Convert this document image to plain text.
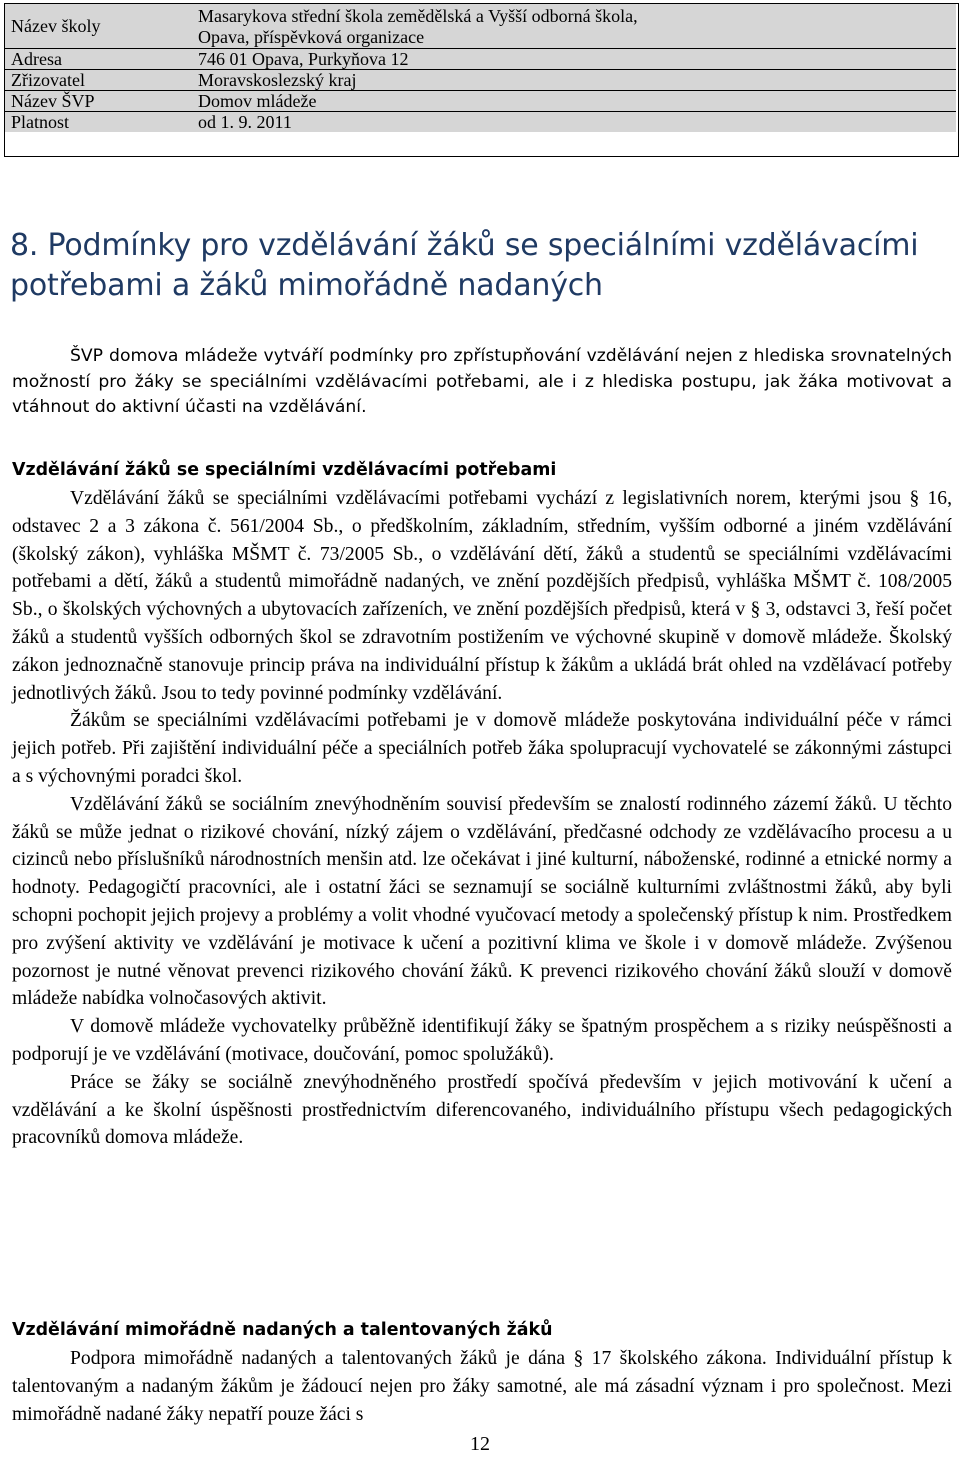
Název školy	Masarykova střední škola zemědělská a Vyšší odborná škola,
Opava, příspěvková organizace

Adresa	746 01 Opava, Purkyňova 12
Zřizovatel	Moravskoslezský kraj
Název ŠVP	Domov mládeže
Platnost	od 1. 9. 2011
8. Podmínky pro vzdělávání žáků se speciálními vzdělávacími potřebami a žáků mimořádně nadaných

ŠVP domova mládeže vytváří podmínky pro zpřístupňování vzdělávání nejen z hlediska srovnatelných možností pro žáky se speciálními vzdělávacími potřebami, ale i z hlediska postupu, jak žáka motivovat a vtáhnout do aktivní účasti na vzdělávání.

Vzdělávání žáků se speciálními vzdělávacími potřebami

Vzdělávání žáků se speciálními vzdělávacími potřebami vychází z legislativních norem, kterými jsou § 16, odstavec 2 a 3 zákona č. 561/2004 Sb., o předškolním, základním, středním, vyšším odborné a jiném vzdělávání (školský zákon), vyhláška MŠMT č. 73/2005 Sb., o vzdělávání dětí, žáků a studentů se speciálními vzdělávacími potřebami a dětí, žáků a studentů mimořádně nadaných, ve znění pozdějších předpisů, vyhláška MŠMT č. 108/2005 Sb., o školských výchovných a ubytovacích zařízeních, ve znění pozdějších předpisů, která v § 3, odstavci 3, řeší počet žáků a studentů vyšších odborných škol se zdravotním postižením ve výchovné skupině v domově mládeže. Školský zákon jednoznačně stanovuje princip práva na individuální přístup k žákům a ukládá brát ohled na vzdělávací potřeby jednotlivých žáků. Jsou to tedy povinné podmínky vzdělávání.

Žákům se speciálními vzdělávacími potřebami je v domově mládeže poskytována individuální péče v rámci jejich potřeb. Při zajištění individuální péče a speciálních potřeb žáka spolupracují vychovatelé se zákonnými zástupci a s výchovnými poradci škol.

Vzdělávání žáků se sociálním znevýhodněním souvisí především se znalostí rodinného zázemí žáků. U těchto žáků se může jednat o rizikové chování, nízký zájem o vzdělávání, předčasné odchody ze vzdělávacího procesu a u cizinců nebo příslušníků národnostních menšin atd. lze očekávat i jiné kulturní, náboženské, rodinné a etnické normy a hodnoty. Pedagogičtí pracovníci, ale i ostatní žáci se seznamují se sociálně kulturními zvláštnostmi žáků, aby byli schopni pochopit jejich projevy a problémy a volit vhodné vyučovací metody a společenský přístup k nim. Prostředkem pro zvýšení aktivity ve vzdělávání je motivace k učení a pozitivní klima ve škole i v domově mládeže. Zvýšenou pozornost je nutné věnovat prevenci rizikového chování žáků. K prevenci rizikového chování žáků slouží v domově mládeže nabídka volnočasových aktivit.

V domově mládeže vychovatelky průběžně identifikují žáky se špatným prospěchem a s riziky neúspěšnosti a podporují je ve vzdělávání (motivace, doučování, pomoc spolužáků).

Práce se žáky se sociálně znevýhodněného prostředí spočívá především v jejich motivování k učení a vzdělávání a ke školní úspěšnosti prostřednictvím diferencovaného, individuálního přístupu všech pedagogických pracovníků domova mládeže.

Vzdělávání mimořádně nadaných a talentovaných žáků

Podpora mimořádně nadaných a talentovaných žáků je dána § 17 školského zákona. Individuální přístup k talentovaným a nadaným žákům je žádoucí nejen pro žáky samotné, ale má zásadní význam i pro společnost. Mezi mimořádně nadané žáky nepatří pouze žáci s

12
